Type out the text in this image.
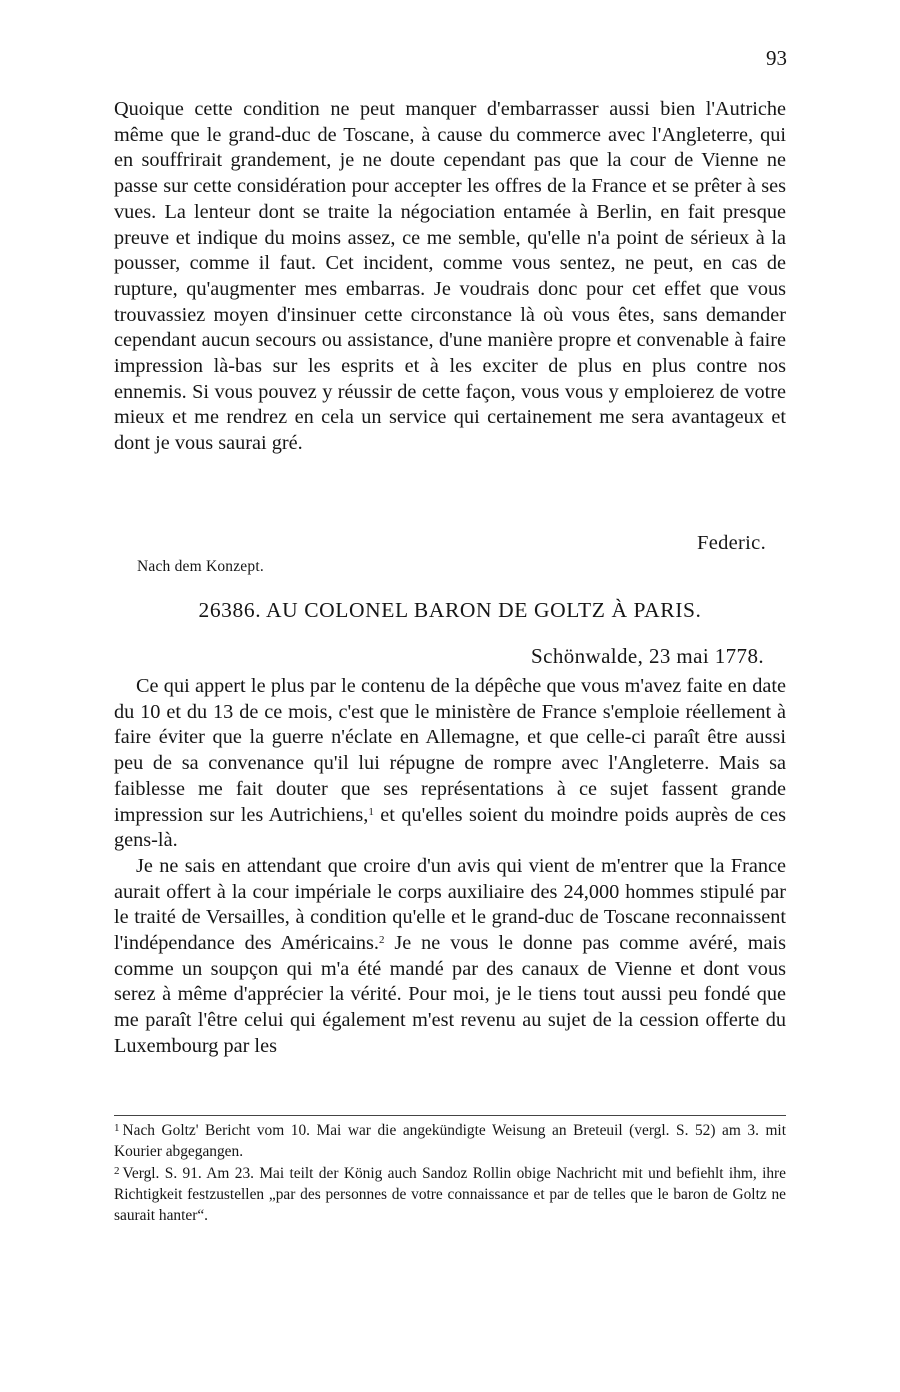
93

Quoique cette condition ne peut manquer d'embarrasser aussi bien l'Autriche même que le grand-duc de Toscane, à cause du commerce avec l'Angleterre, qui en souffrirait grandement, je ne doute cependant pas que la cour de Vienne ne passe sur cette considération pour accepter les offres de la France et se prêter à ses vues. La lenteur dont se traite la négociation entamée à Berlin, en fait presque preuve et indique du moins assez, ce me semble, qu'elle n'a point de sérieux à la pousser, comme il faut. Cet incident, comme vous sentez, ne peut, en cas de rupture, qu'augmenter mes embarras. Je voudrais donc pour cet effet que vous trouvassiez moyen d'insinuer cette circonstance là où vous êtes, sans demander cependant aucun secours ou assistance, d'une manière propre et convenable à faire impression là-bas sur les esprits et à les exciter de plus en plus contre nos ennemis. Si vous pouvez y réussir de cette façon, vous vous y emploierez de votre mieux et me rendrez en cela un service qui certainement me sera avantageux et dont je vous saurai gré.

Federic.
Nach dem Konzept.
26386. AU COLONEL BARON DE GOLTZ À PARIS.
Schönwalde, 23 mai 1778.

Ce qui appert le plus par le contenu de la dépêche que vous m'avez faite en date du 10 et du 13 de ce mois, c'est que le ministère de France s'emploie réellement à faire éviter que la guerre n'éclate en Allemagne, et que celle-ci paraît être aussi peu de sa convenance qu'il lui répugne de rompre avec l'Angleterre. Mais sa faiblesse me fait douter que ses représentations à ce sujet fassent grande impression sur les Autrichiens,$^1$ et qu'elles soient du moindre poids auprès de ces gens-là.

Je ne sais en attendant que croire d'un avis qui vient de m'entrer que la France aurait offert à la cour impériale le corps auxiliaire des 24,000 hommes stipulé par le traité de Versailles, à condition qu'elle et le grand-duc de Toscane reconnaissent l'indépendance des Américains.$^2$ Je ne vous le donne pas comme avéré, mais comme un soupçon qui m'a été mandé par des canaux de Vienne et dont vous serez à même d'apprécier la vérité. Pour moi, je le tiens tout aussi peu fondé que me paraît l'être celui qui également m'est revenu au sujet de la cession offerte du Luxembourg par les

$^1$ Nach Goltz' Bericht vom 10. Mai war die angekündigte Weisung an Breteuil (vergl. S. 52) am 3. mit Kourier abgegangen.

$^2$ Vergl. S. 91. Am 23. Mai teilt der König auch Sandoz Rollin obige Nachricht mit und befiehlt ihm, ihre Richtigkeit festzustellen „par des personnes de votre connaissance et par de telles que le baron de Goltz ne saurait hanter“.
